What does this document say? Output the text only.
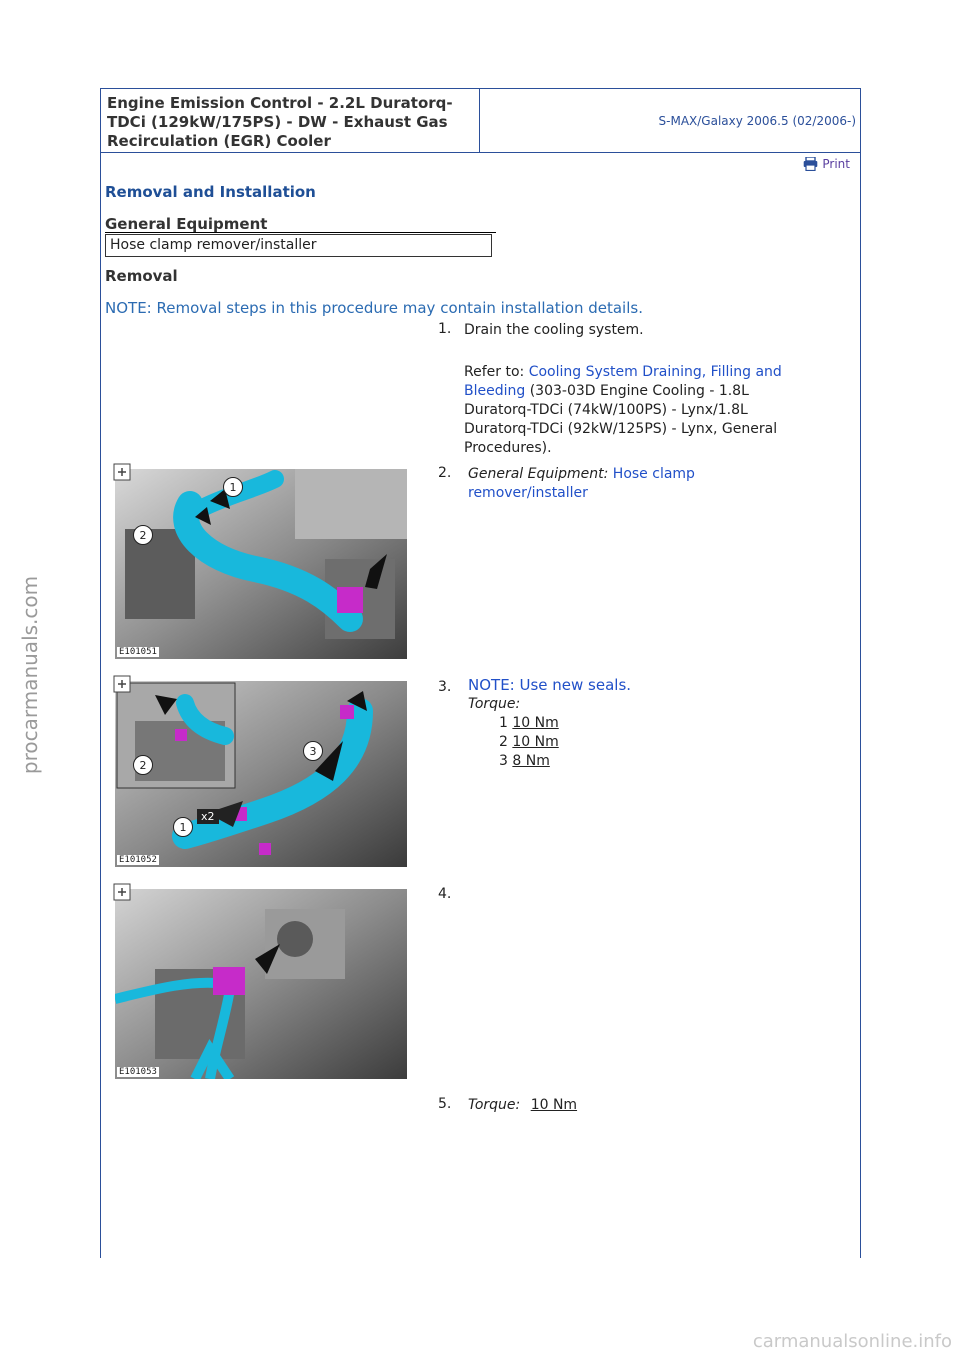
procarmanuals.com
carmanualsonline.info
Engine Emission Control - 2.2L Duratorq-
TDCi (129kW/175PS) - DW - Exhaust Gas
Recirculation (EGR) Cooler
S-MAX/Galaxy 2006.5 (02/2006-)
Print
Removal and Installation
General Equipment
Hose clamp remover/installer
Removal
NOTE: Removal steps in this procedure may contain installation details.
1. Drain the cooling system.
Refer to: Cooling System Draining, Filling and
Bleeding (303-03D Engine Cooling - 1.8L
Duratorq-TDCi (74kW/100PS) - Lynx/1.8L
Duratorq-TDCi (92kW/125PS) - Lynx, General
Procedures).
1
2
E101051
2. General Equipment: Hose clamp
remover/installer
2
3
1
x2
E101052
3. NOTE: Use new seals.
Torque:
1 10 Nm
2 10 Nm
3 8 Nm
E101053
4.
5. Torque: 10 Nm
